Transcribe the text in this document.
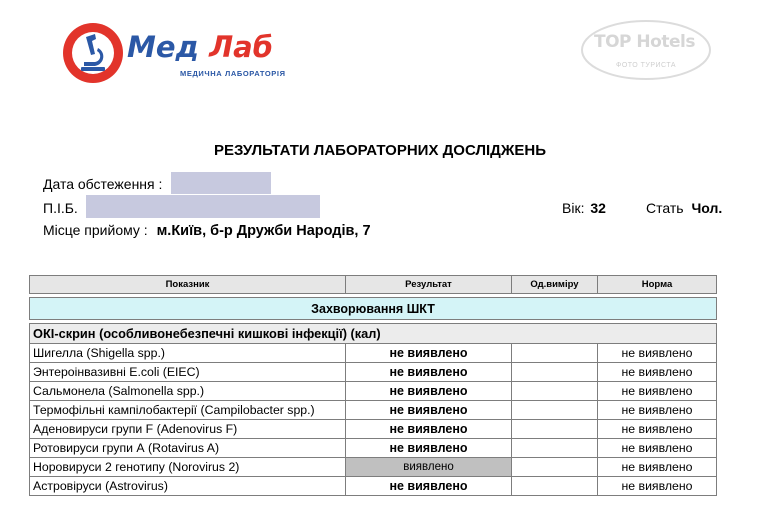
Мед Лаб
МЕДИЧНА ЛАБОРАТОРІЯ
TOP Hotels
ФОТО ТУРИСТА
РЕЗУЛЬТАТИ ЛАБОРАТОРНИХ ДОСЛІДЖЕНЬ
Дата обстеження :
П.І.Б.	Вік: 32	Стать Чол.
Місце прийому : м.Київ, б-р Дружби Народів, 7
Показник	Результат	Од.виміру	Норма

Захворювання ШКТ			

ОКІ-скрин (особливонебезпечні кишкові інфекції) (кал)			
Шигелла (Shigella spp.)	не виявлено		не виявлено
Энтероінвазивні E.coli (EIEC)	не виявлено		не виявлено
Сальмонела (Salmonella spp.)	не виявлено		не виявлено
Термофільні кампілобактерії (Campilobacter spp.)	не виявлено		не виявлено
Аденовируси групи F (Adenovirus F)	не виявлено		не виявлено
Ротовируси групи А (Rotavirus A)	не виявлено		не виявлено
Норовируси 2 генотипу (Norovirus 2)	виявлено		не виявлено
Астровіруси (Astrovirus)	не виявлено		не виявлено
